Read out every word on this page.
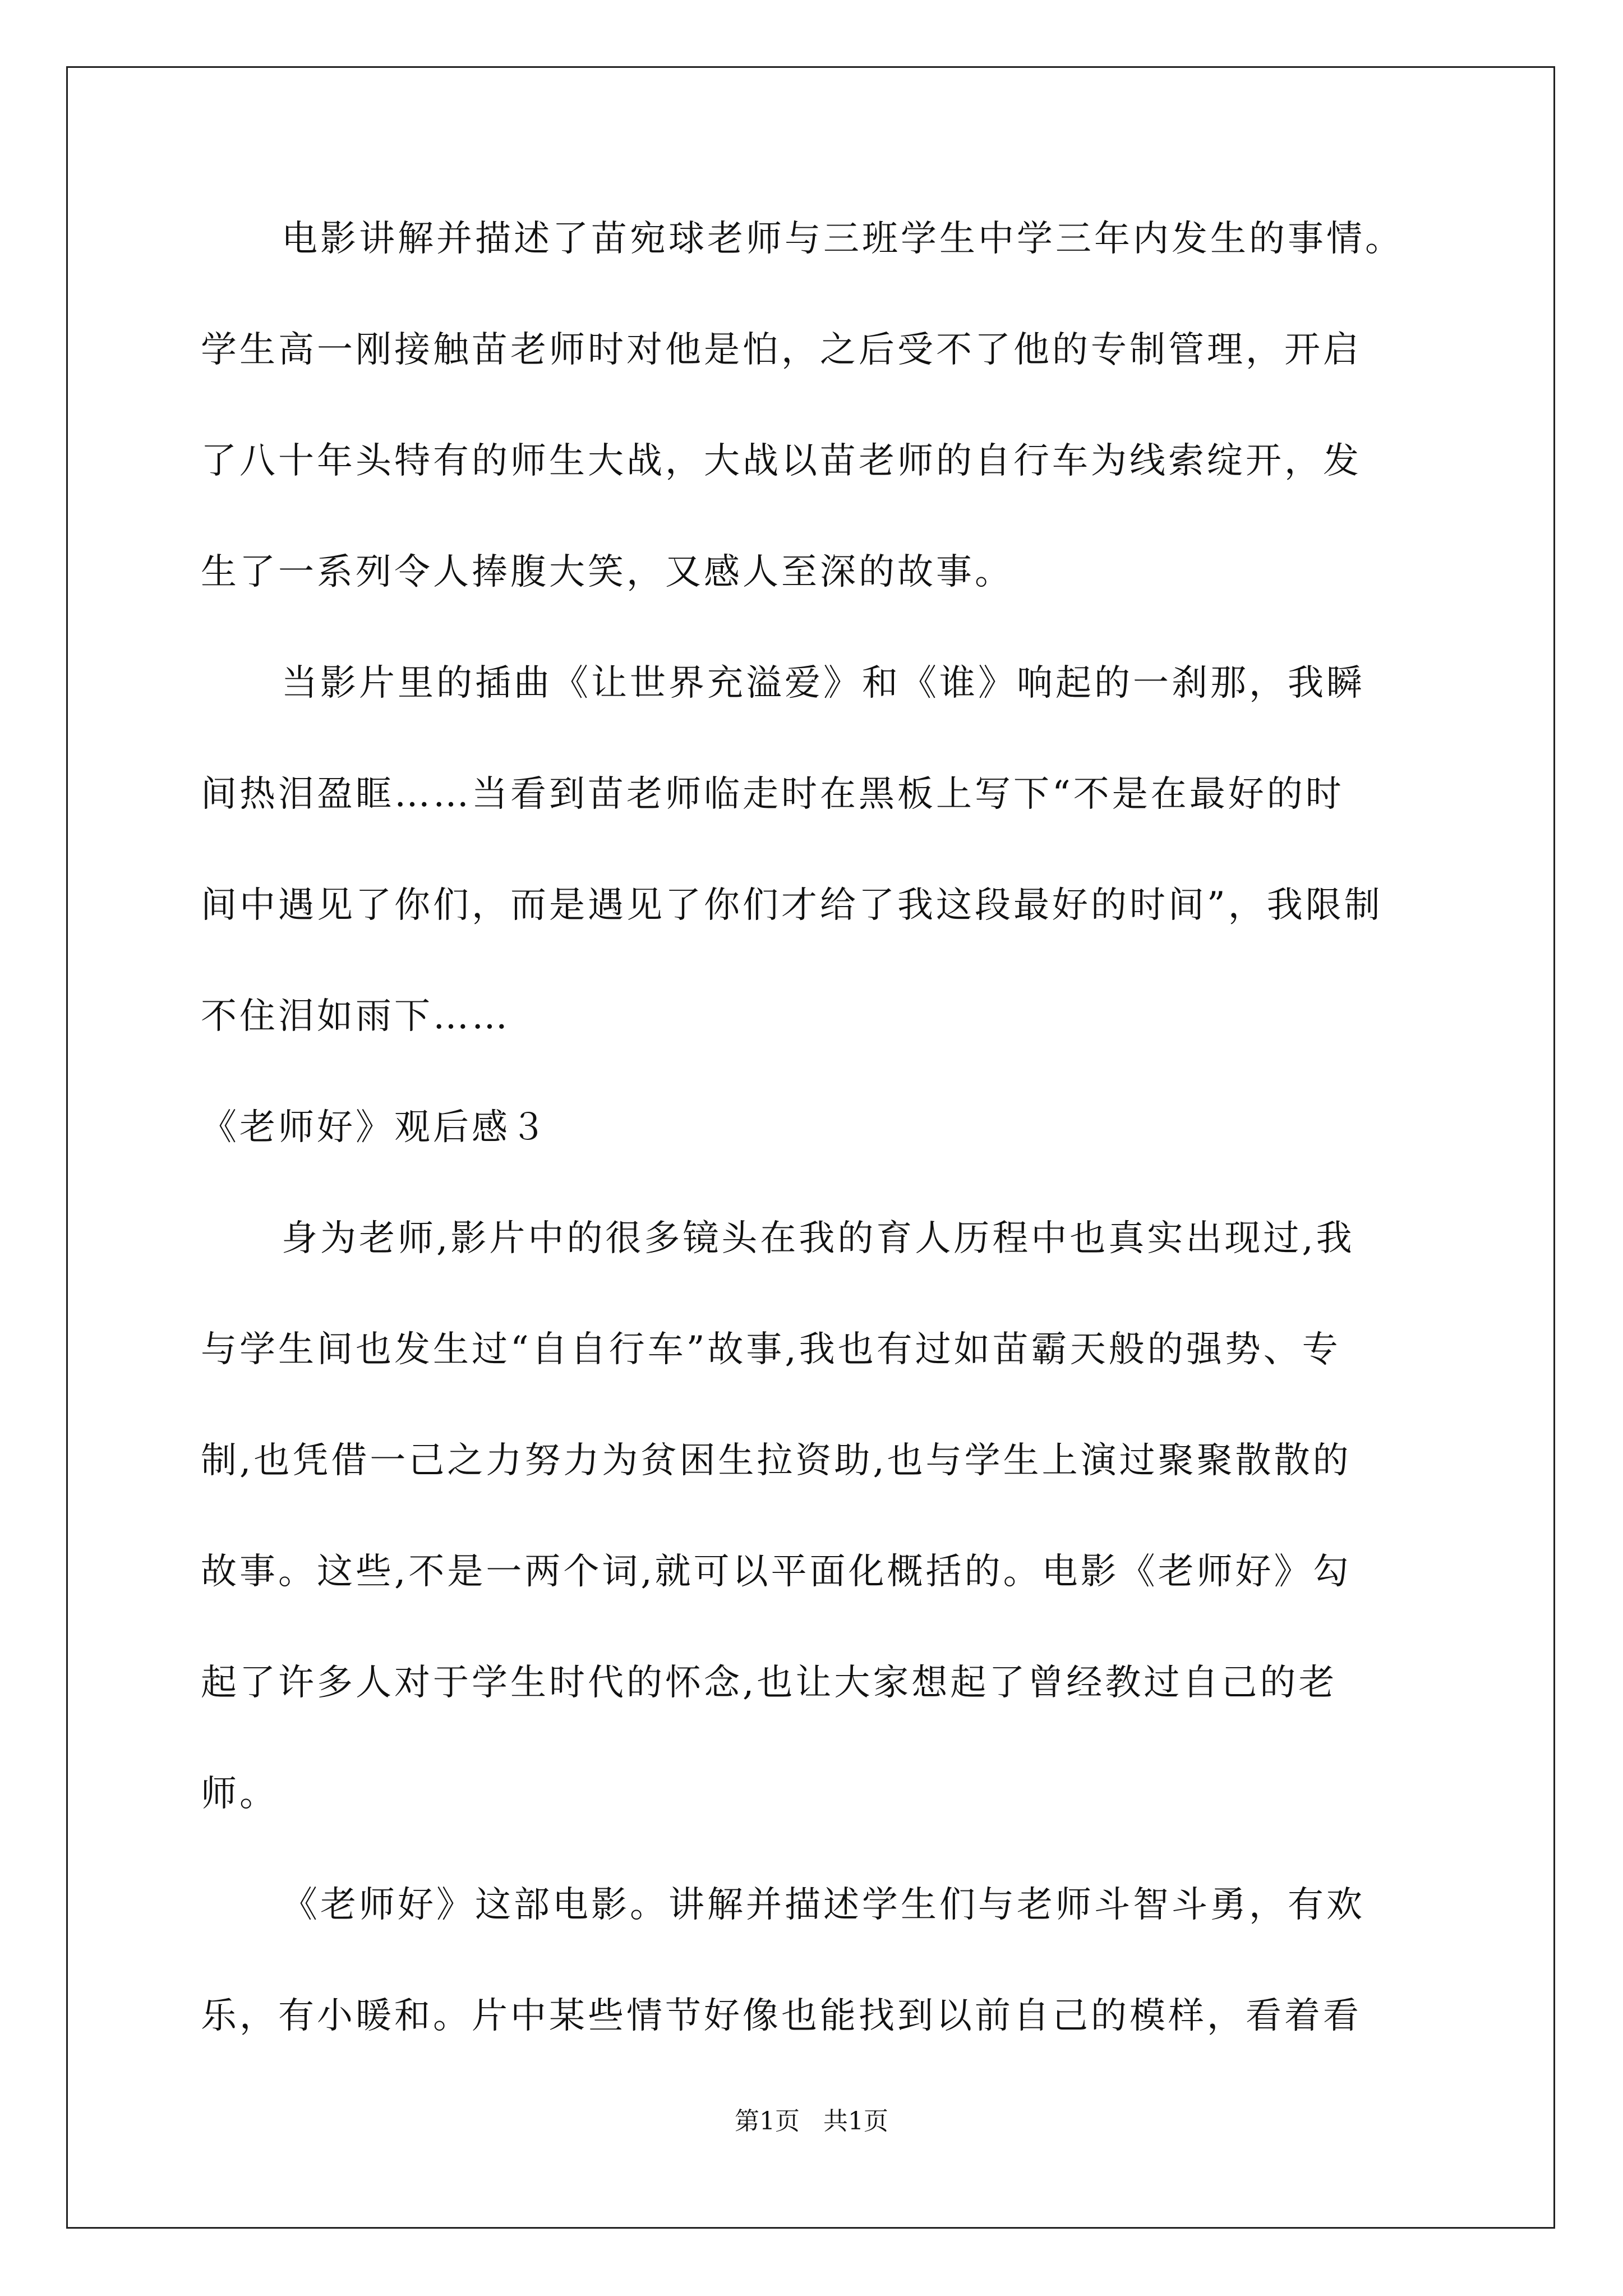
电影讲解并描述了苗宛球老师与三班学生中学三年内发生的事情。
学生高一刚接触苗老师时对他是怕，之后受不了他的专制管理，开启
了八十年头特有的师生大战，大战以苗老师的自行车为线索绽开，发
生了一系列令人捧腹大笑，又感人至深的故事。
当影片里的插曲《让世界充溢爱》和《谁》响起的一刹那，我瞬
间热泪盈眶……当看到苗老师临走时在黑板上写下“不是在最好的时
间中遇见了你们，而是遇见了你们才给了我这段最好的时间”，我限制
不住泪如雨下……
《老师好》观后感３
身为老师,影片中的很多镜头在我的育人历程中也真实出现过,我
与学生间也发生过“自自行车”故事,我也有过如苗霸天般的强势、专
制,也凭借一己之力努力为贫困生拉资助,也与学生上演过聚聚散散的
故事。这些,不是一两个词,就可以平面化概括的。电影《老师好》勾
起了许多人对于学生时代的怀念,也让大家想起了曾经教过自己的老
师。
《老师好》这部电影。讲解并描述学生们与老师斗智斗勇，有欢
乐，有小暖和。片中某些情节好像也能找到以前自己的模样，看着看
第1页   共1页
